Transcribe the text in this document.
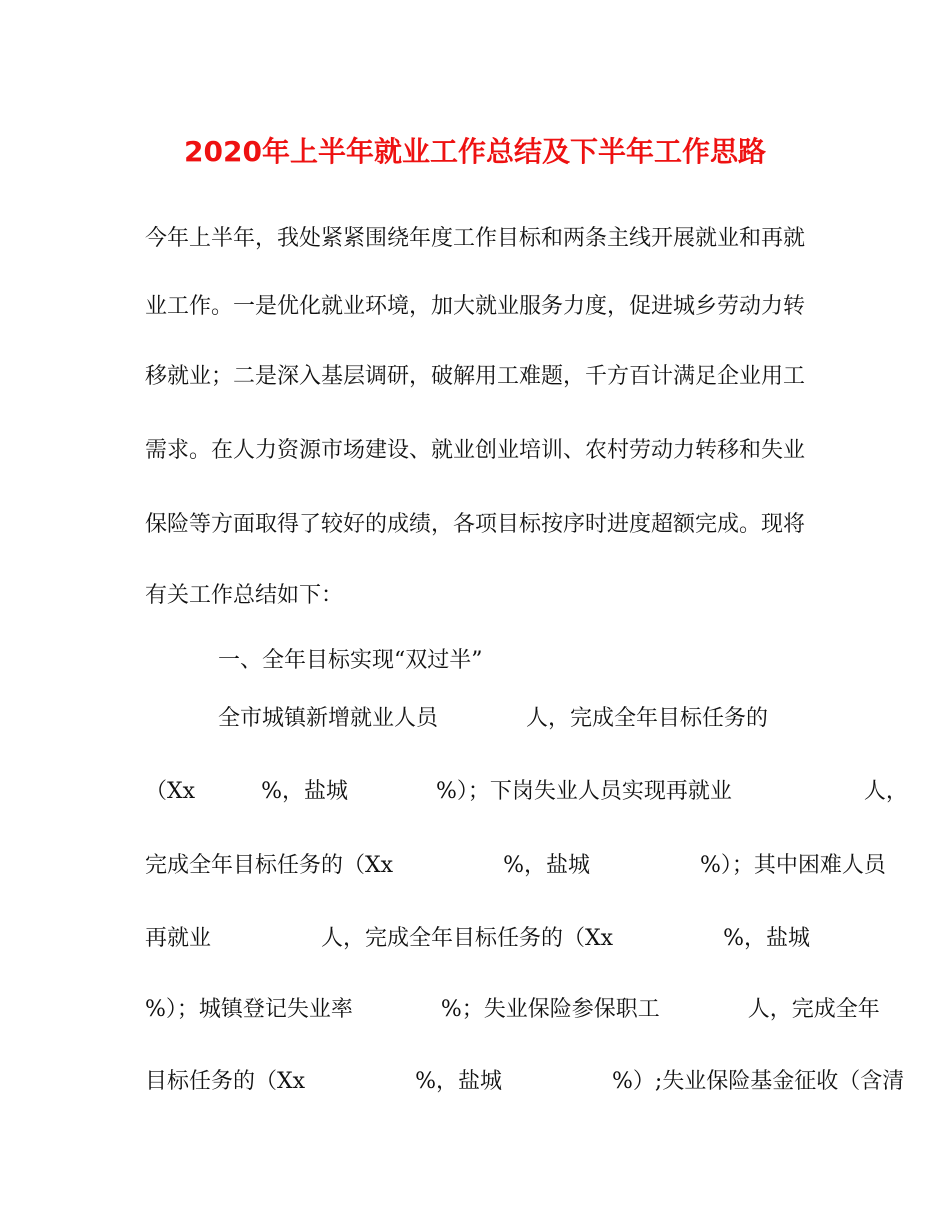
2020年上半年就业工作总结及下半年工作思路
今年上半年，我处紧紧围绕年度工作目标和两条主线开展就业和再就
业工作。一是优化就业环境，加大就业服务力度，促进城乡劳动力转
移就业；二是深入基层调研，破解用工难题，千方百计满足企业用工
需求。在人力资源市场建设、就业创业培训、农村劳动力转移和失业
保险等方面取得了较好的成绩，各项目标按序时进度超额完成。现将
有关工作总结如下：
一、全年目标实现“双过半”
全市城镇新增就业人员　　　　人，完成全年目标任务的
（Xx　　　%，盐城　　　　%）；下岗失业人员实现再就业　　　　　　人，
完成全年目标任务的（Xx　　　　　%，盐城　　　　　%）；其中困难人员
再就业　　　　　人，完成全年目标任务的（Xx　　　　　%，盐城
%）；城镇登记失业率　　　　%；失业保险参保职工　　　　人，完成全年
目标任务的（Xx　　　　　%，盐城　　　　　%）;失业保险基金征收（含清
